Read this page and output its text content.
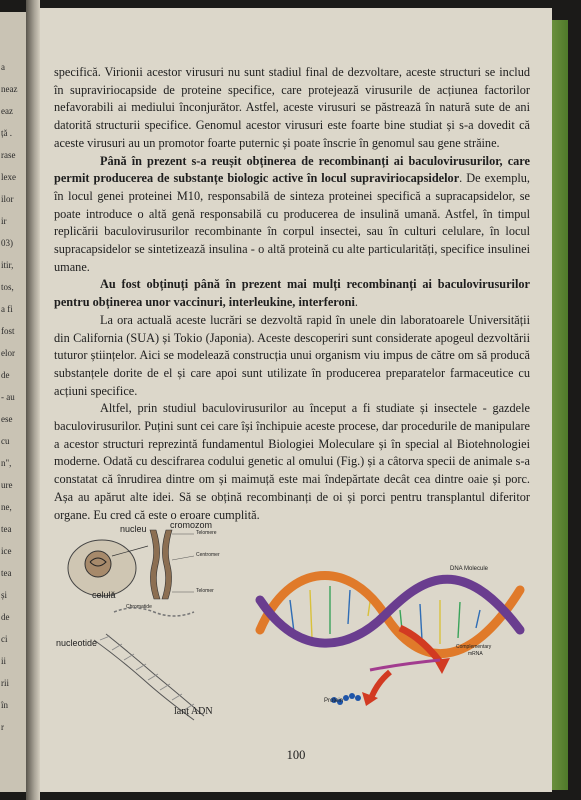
a
neaz
eaz
ță .
rase
lexe
ilor
ir
03)
itir,
tos,
a fi
fost
elor
de
- au
ese
cu
n",
ure
ne,
tea
ice
tea
și
de
ci
ii
rii
în
r

specifică. Virionii acestor virusuri nu sunt stadiul final de dezvoltare, aceste structuri se includ în supraviriocapside de proteine specifice, care protejează virusurile de acțiunea factorilor nefavorabili ai mediului înconjurător. Astfel, aceste virusuri se păstrează în natură sute de ani datorită structurii specifice. Genomul acestor virusuri este foarte bine studiat și s-a dovedit că aceste virusuri au un promotor foarte puternic și poate înscrie în genomul sau gene străine.

Până în prezent s-a reușit obținerea de recombinanți ai baculovirusurilor, care permit producerea de substanțe biologic active în locul supraviriocapsidelor. De exemplu, în locul genei proteinei M10, responsabilă de sinteza proteinei specifică a supracapsidelor, se poate introduce o altă genă responsabilă cu producerea de insulină umană. Astfel, în timpul replicării baculovirusurilor recombinante în corpul insectei, sau în culturi celulare, în locul supracapsidelor se sintetizează insulina - o altă proteină cu alte particularități, specifice insulinei umane.

Au fost obținuți până în prezent mai mulți recombinanți ai baculovirusurilor pentru obținerea unor vaccinuri, interleukine, interferoni.

La ora actuală aceste lucrări se dezvoltă rapid în unele din laboratoarele Universității din California (SUA) și Tokio (Japonia). Aceste descoperiri sunt considerate apogeul dezvoltării tuturor științelor. Aici se modelează construcția unui organism viu impus de către om să producă substanțele dorite de el și care apoi sunt utilizate în producerea preparatelor farmaceutice cu acțiuni specifice.

Altfel, prin studiul baculovirusurilor au început a fi studiate și insectele - gazdele baculovirusurilor. Puțini sunt cei care își închipuie aceste procese, dar procedurile de manipulare a acestor structuri reprezintă fundamentul Biologiei Moleculare și în special al Biotehnologiei moderne. Odată cu descifrarea codului genetic al omului (Fig.) și a câtorva specii de animale s-a constatat că înrudirea dintre om și maimuță este mai îndepărtate decât cea dintre oaie și porc. Așa au apărut alte idei. Să se obțină recombinanți de oi și porci pentru transplantul diferitor organe. Eu cred că este o eroare cumplită.

nucleu	cromozom
Telomere
Centromer
Telomer
Chromatide
celulă
nucleotide
lanț ADN
DNA Molecule
Complementary
mRNA
Protein
100
